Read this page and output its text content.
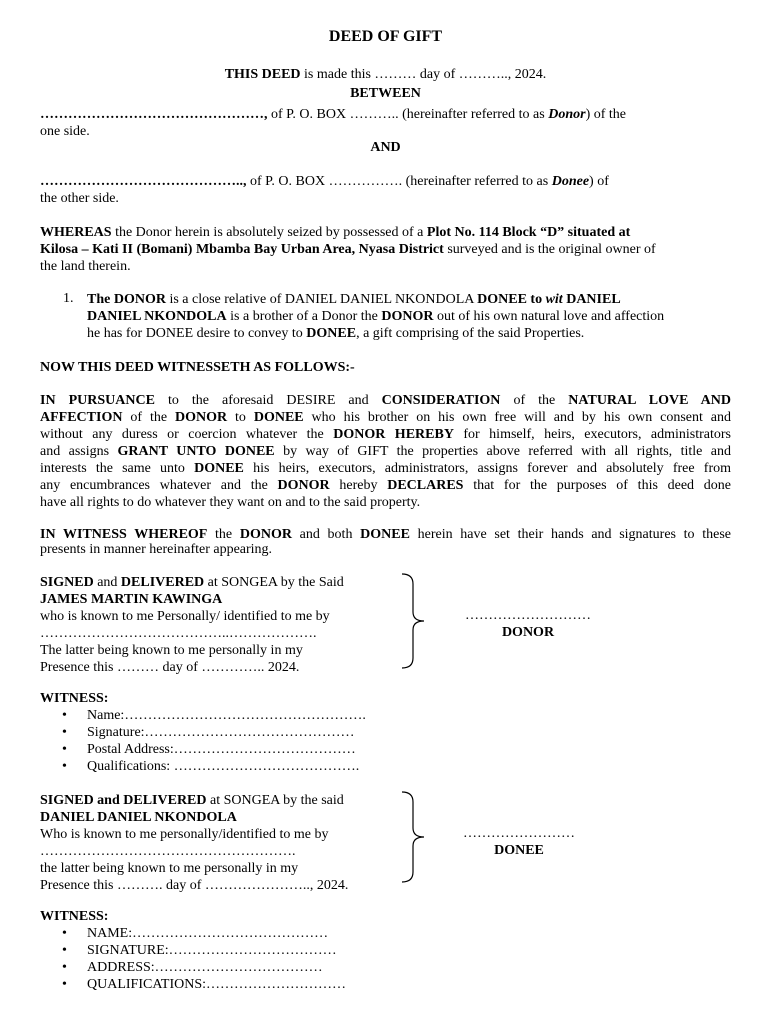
DEED OF GIFT
THIS DEED is made this ……… day of ……….., 2024.
BETWEEN
…………………………………………, of P. O. BOX ……….. (hereinafter referred to as Donor) of the
one side.
AND
…………………………………….., of P. O. BOX ……………. (hereinafter referred to as Donee) of
the other side.
WHEREAS the Donor herein is absolutely seized by possessed of a Plot No. 114 Block “D” situated at
Kilosa – Kati II (Bomani) Mbamba Bay Urban Area, Nyasa District surveyed and is the original owner of
the land therein.
1. The DONOR is a close relative of DANIEL DANIEL NKONDOLA DONEE to wit DANIEL
DANIEL NKONDOLA is a brother of a Donor the DONOR out of his own natural love and affection
he has for DONEE desire to convey to DONEE, a gift comprising of the said Properties.
NOW THIS DEED WITNESSETH AS FOLLOWS:-
IN PURSUANCE to the aforesaid DESIRE and CONSIDERATION of the NATURAL LOVE AND
AFFECTION of the DONOR to DONEE who his brother on his own free will and by his own consent and
without any duress or coercion whatever the DONOR HEREBY for himself, heirs, executors, administrators
and assigns GRANT UNTO DONEE by way of GIFT the properties above referred with all rights, title and
interests the same unto DONEE his heirs, executors, administrators, assigns forever and absolutely free from
any encumbrances whatever and the DONOR hereby DECLARES that for the purposes of this deed done
have all rights to do whatever they want on and to the said property.
IN WITNESS WHEREOF the DONOR and both DONEE herein have set their hands and signatures to these
presents in manner hereinafter appearing.
SIGNED and DELIVERED at SONGEA by the Said
JAMES MARTIN KAWINGA
who is known to me Personally/ identified to me by
…………………………………..……………….
The latter being known to me personally in my
Presence this ……… day of ………….. 2024.
………………………
DONOR
WITNESS:
• Name:…………………………………………….
• Signature:………………………………………
• Postal Address:…………………………………
• Qualifications: ………………………………….
SIGNED and DELIVERED at SONGEA by the said
DANIEL DANIEL NKONDOLA
Who is known to me personally/identified to me by
……………………………………………….
the latter being known to me personally in my
Presence this ………. day of ………………….., 2024.
……………………
DONEE
WITNESS:
• NAME:……………………………………
• SIGNATURE:………………………………
• ADDRESS:………………………………
• QUALIFICATIONS:…………………………
